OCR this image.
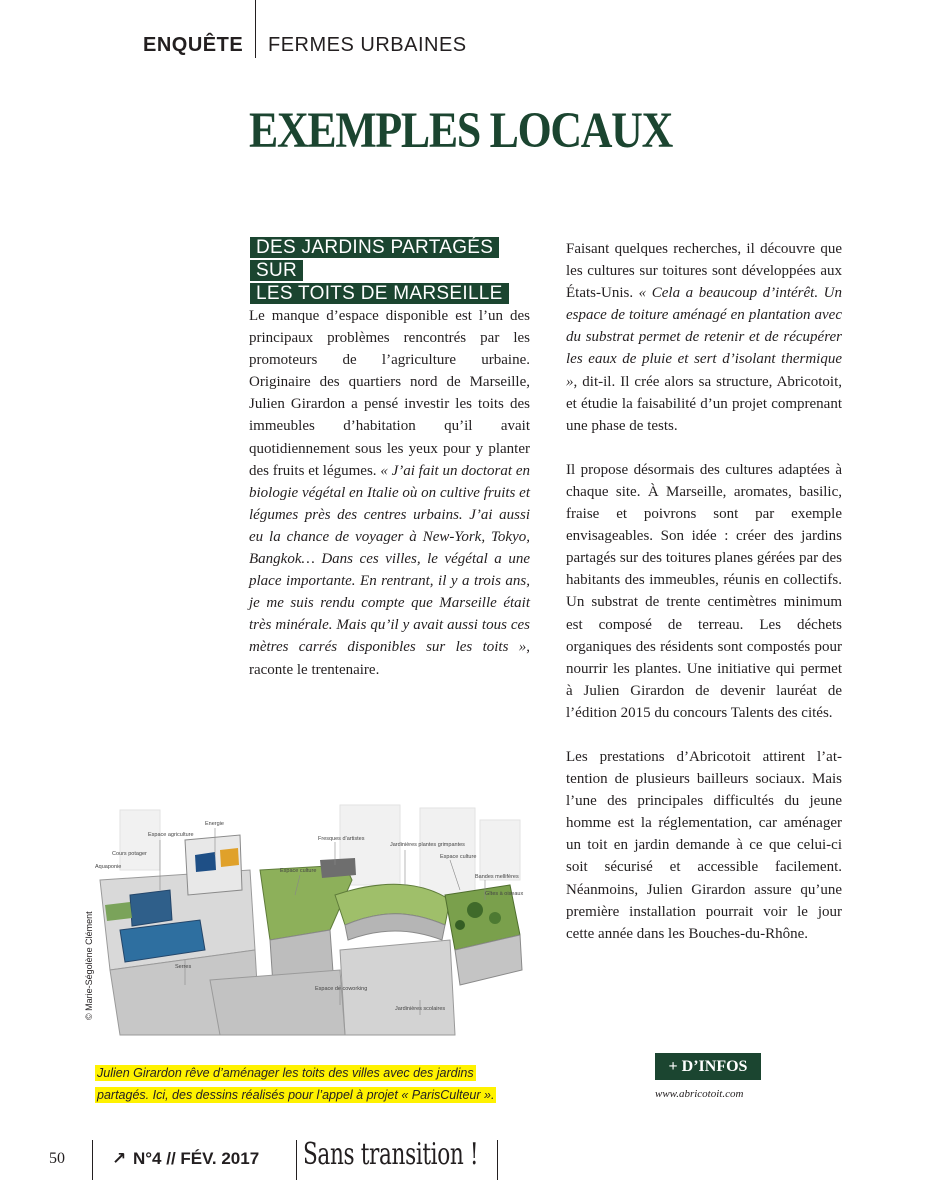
ENQUÊTE FERMES URBAINES
EXEMPLES LOCAUX
DES JARDINS PARTAGÉS SUR
LES TOITS DE MARSEILLE

Le manque d’espace disponible est l’un des principaux problèmes rencontrés par les promoteurs de l’agriculture urbaine. Originaire des quartiers nord de Marseille, Julien Girardon a pensé investir les toits des immeubles d’habitation qu’il avait quotidiennement sous les yeux pour y planter des fruits et légumes. « J’ai fait un doctorat en biologie végétal en Italie où on cultive fruits et légumes près des centres urbains. J’ai aussi eu la chance de voyager à New-York, Tokyo, Bangkok… Dans ces villes, le végétal a une place importante. En rentrant, il y a trois ans, je me suis rendu compte que Marseille était très minérale. Mais qu’il y avait aussi tous ces mètres carrés disponibles sur les toits », raconte le trentenaire.

Faisant quelques recherches, il découvre que les cultures sur toitures sont développées aux États-Unis. « Cela a beaucoup d’intérêt. Un espace de toiture aménagé en plantation avec du substrat permet de retenir et de récupérer les eaux de pluie et sert d’isolant thermique », dit-il. Il crée alors sa structure, Abricotoit, et étudie la faisabilité d’un projet comprenant une phase de tests.

Il propose désormais des cultures adaptées à chaque site. À Marseille, aromates, basilic, fraise et poivrons sont par exemple envisageables. Son idée : créer des jardins partagés sur des toitures planes gérées par des habitants des immeubles, réunis en collectifs. Un substrat de trente centimètres minimum est composé de terreau. Les déchets organiques des résidents sont compostés pour nourrir les plantes. Une initiative qui permet à Julien Girardon de devenir lauréat de l’édition 2015 du concours Talents des cités.

Les prestations d’Abricotoit attirent l’attention de plusieurs bailleurs sociaux. Mais l’une des principales difficultés du jeune homme est la réglementation, car aménager un toit en jardin demande à ce que celui-ci soit sécurisé et accessible facilement. Néanmoins, Julien Girardon assure qu’une première installation pourrait voir le jour cette année dans les Bouches-du-Rhône.

Espace agriculture
Energie
Cours potager
Aquaponie
Fresques d’artistes
Jardinières plantes grimpantes
Espace culture
Bandes mellifères
Gîtes à oiseaux
Serres
Espace de coworking
Jardinières scolaires
Espace culture
© Marie-Ségolène Clément
Julien Girardon rêve d’aménager les toits des villes avec des jardins
partagés. Ici, des dessins réalisés pour l’appel à projet « ParisCulteur ».
+ D’INFOS
www.abricotoit.com
50	↗ N°4 // FÉV. 2017 Sans transition !
